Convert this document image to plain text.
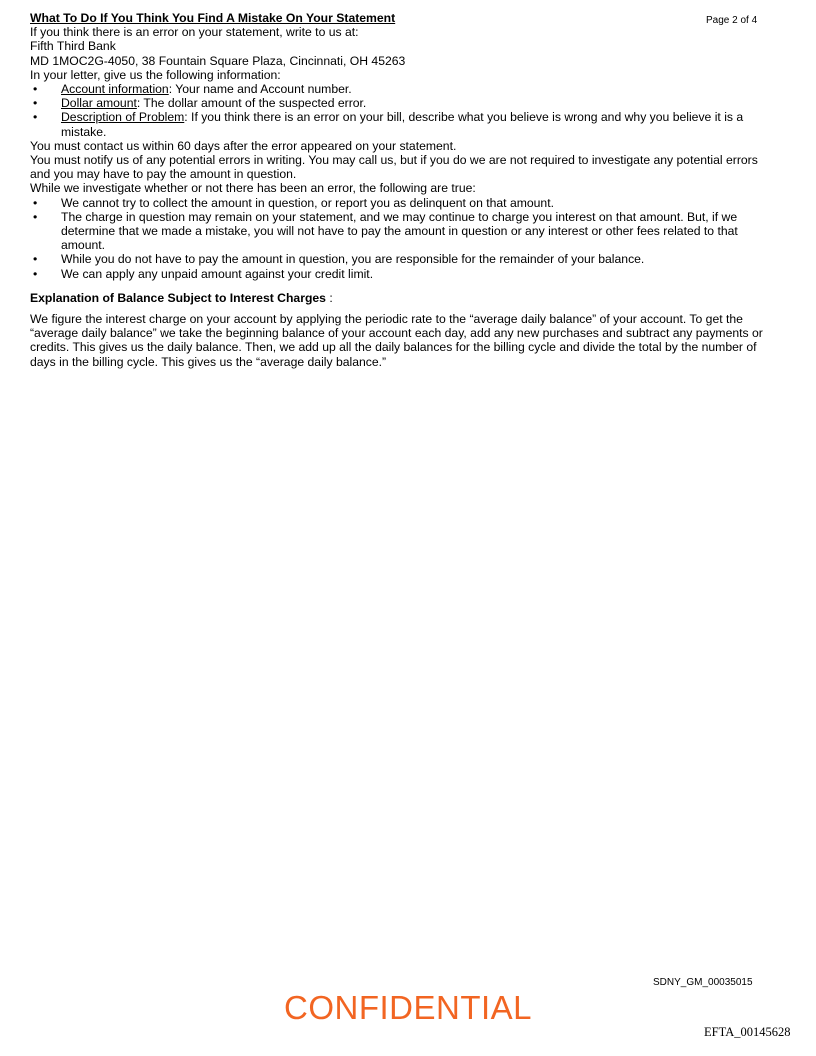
Page 2 of 4

What To Do If You Think You Find A Mistake On Your Statement

If you think there is an error on your statement, write to us at:

Fifth Third Bank

MD 1MOC2G-4050, 38 Fountain Square Plaza, Cincinnati, OH 45263

In your letter, give us the following information:

• Account information: Your name and Account number.
• Dollar amount: The dollar amount of the suspected error.
• Description of Problem: If you think there is an error on your bill, describe what you believe is wrong and why you believe it is a mistake.

You must contact us within 60 days after the error appeared on your statement.

You must notify us of any potential errors in writing. You may call us, but if you do we are not required to investigate any potential errors and you may have to pay the amount in question.

While we investigate whether or not there has been an error, the following are true:

• We cannot try to collect the amount in question, or report you as delinquent on that amount.
• The charge in question may remain on your statement, and we may continue to charge you interest on that amount. But, if we determine that we made a mistake, you will not have to pay the amount in question or any interest or other fees related to that amount.
• While you do not have to pay the amount in question, you are responsible for the remainder of your balance.
• We can apply any unpaid amount against your credit limit.

Explanation of Balance Subject to Interest Charges :

We figure the interest charge on your account by applying the periodic rate to the “average daily balance” of your account. To get the “average daily balance” we take the beginning balance of your account each day, add any new purchases and subtract any payments or credits. This gives us the daily balance. Then, we add up all the daily balances for the billing cycle and divide the total by the number of days in the billing cycle. This gives us the “average daily balance.”

SDNY_GM_00035015
CONFIDENTIAL
EFTA_00145628
